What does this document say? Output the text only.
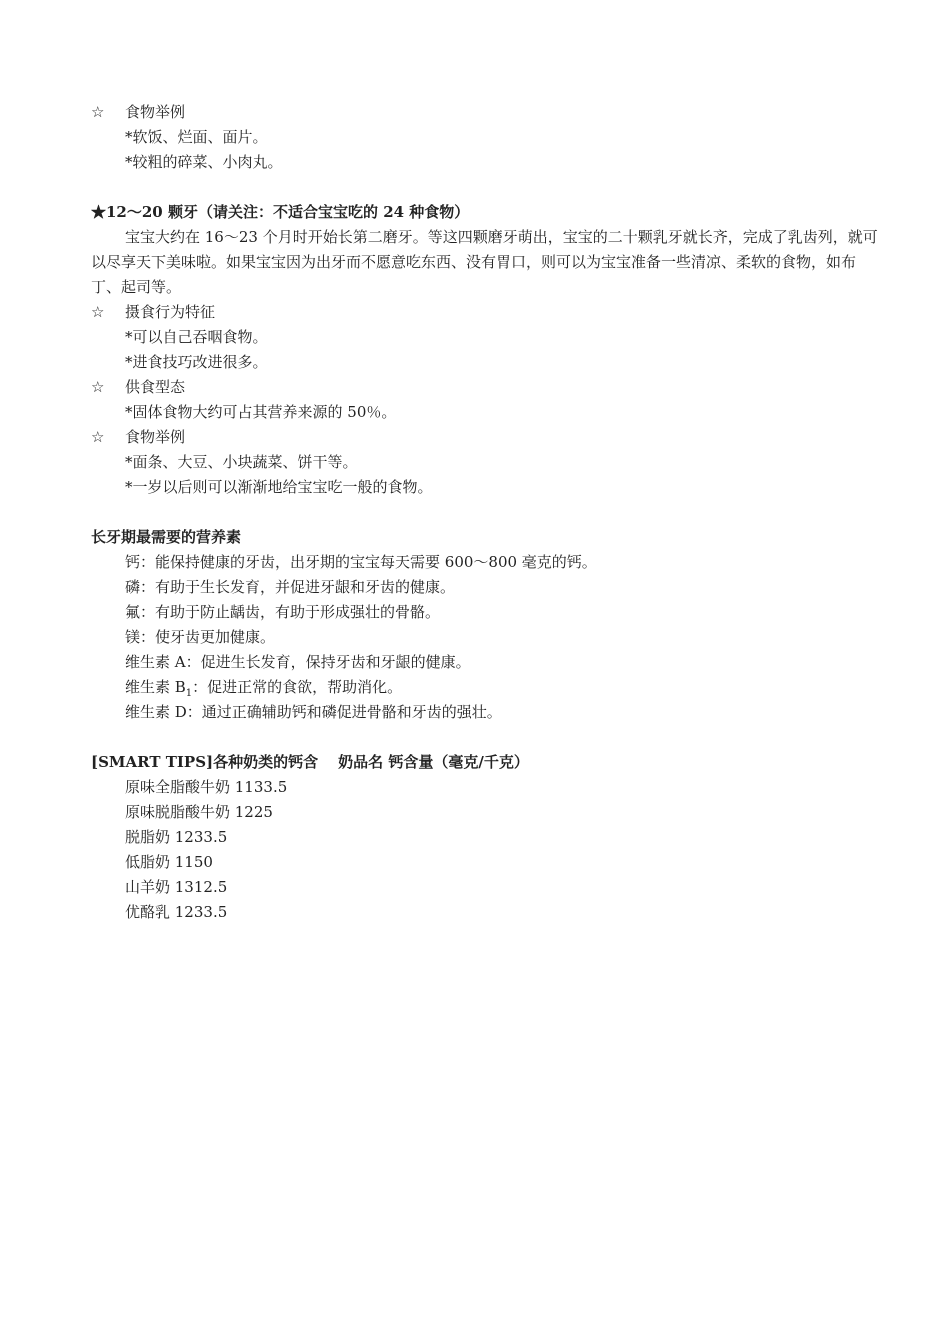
☆ 食物举例
*软饭、烂面、面片。
*较粗的碎菜、小肉丸。
★12～20 颗牙（请关注：不适合宝宝吃的 24 种食物）

宝宝大约在 16～23 个月时开始长第二磨牙。等这四颗磨牙萌出，宝宝的二十颗乳牙就长齐，完成了乳齿列，就可以尽享天下美味啦。如果宝宝因为出牙而不愿意吃东西、没有胃口，则可以为宝宝准备一些清凉、柔软的食物，如布丁、起司等。

☆ 摄食行为特征
*可以自己吞咽食物。
*进食技巧改进很多。
☆ 供食型态
*固体食物大约可占其营养来源的 50％。
☆ 食物举例
*面条、大豆、小块蔬菜、饼干等。
*一岁以后则可以渐渐地给宝宝吃一般的食物。
长牙期最需要的营养素
钙：能保持健康的牙齿，出牙期的宝宝每天需要 600～800 毫克的钙。
磷：有助于生长发育，并促进牙龈和牙齿的健康。
氟：有助于防止龋齿，有助于形成强壮的骨骼。
镁：使牙齿更加健康。
维生素 A：促进生长发育，保持牙齿和牙龈的健康。
维生素 $B_1$：促进正常的食欲，帮助消化。
维生素 D：通过正确辅助钙和磷促进骨骼和牙齿的强壮。
[SMART TIPS]各种奶类的钙含 奶品名 钙含量（毫克/千克）
原味全脂酸牛奶 1133.5
原味脱脂酸牛奶 1225
脱脂奶 1233.5
低脂奶 1150
山羊奶 1312.5
优酪乳 1233.5
